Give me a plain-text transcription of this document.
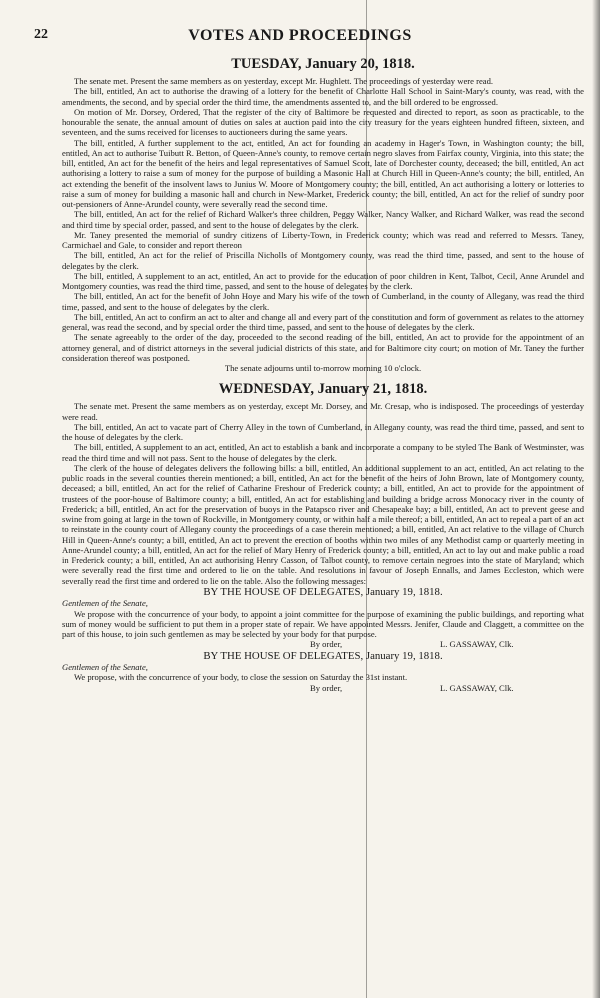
22	VOTES AND PROCEEDINGS
TUESDAY, January 20, 1818.

The senate met. Present the same members as on yesterday, except Mr. Hughlett. The proceedings of yesterday were read.

The bill, entitled, An act to authorise the drawing of a lottery for the benefit of Charlotte Hall School in Saint-Mary's county, was read, with the amendments, the second, and by special order the third time, the amendments assented to, and the bill ordered to be engrossed.

On motion of Mr. Dorsey, Ordered, That the register of the city of Baltimore be requested and directed to report, as soon as practicable, to the honourable the senate, the annual amount of duties on sales at auction paid into the city treasury for the years eighteen hundred fifteen, sixteen, and seventeen, and the sums received for licenses to auctioneers during the same years.

The bill, entitled, A further supplement to the act, entitled, An act for founding an academy in Hager's Town, in Washington county; the bill, entitled, An act to authorise Tuibutt R. Betton, of Queen-Anne's county, to remove certain negro slaves from Fairfax county, Virginia, into this state; the bill, entitled, An act for the benefit of the heirs and legal representatives of Samuel Scott, late of Dorchester county, deceased; the bill, entitled, An act authorising a lottery to raise a sum of money for the purpose of building a Masonic Hall at Church Hill in Queen-Anne's county; the bill, entitled, An act extending the benefit of the insolvent laws to Junius W. Moore of Montgomery county; the bill, entitled, An act authorising a lottery or lotteries to raise a sum of money for building a masonic hall and church in New-Market, Frederick county; the bill, entitled, An act for the relief of sundry poor out-pensioners of Anne-Arundel county, were severally read the second time.

The bill, entitled, An act for the relief of Richard Walker's three children, Peggy Walker, Nancy Walker, and Richard Walker, was read the second and third time by special order, passed, and sent to the house of delegates by the clerk.

Mr. Taney presented the memorial of sundry citizens of Liberty-Town, in Frederick county; which was read and referred to Messrs. Taney, Carmichael and Gale, to consider and report thereon

The bill, entitled, An act for the relief of Priscilla Nicholls of Montgomery county, was read the third time, passed, and sent to the house of delegates by the clerk.

The bill, entitled, A supplement to an act, entitled, An act to provide for the education of poor children in Kent, Talbot, Cecil, Anne Arundel and Montgomery counties, was read the third time, passed, and sent to the house of delegates by the clerk.

The bill, entitled, An act for the benefit of John Hoye and Mary his wife of the town of Cumberland, in the county of Allegany, was read the third time, passed, and sent to the house of delegates by the clerk.

The bill, entitled, An act to confirm an act to alter and change all and every part of the constitution and form of government as relates to the attorney general, was read the second, and by special order the third time, passed, and sent to the house of delegates by the clerk.

The senate agreeably to the order of the day, proceeded to the second reading of the bill, entitled, An act to provide for the appointment of an attorney general, and of district attorneys in the several judicial districts of this state, and for Baltimore city court; on motion of Mr. Taney the further consideration thereof was postponed.

The senate adjourns until to-morrow morning 10 o'clock.

WEDNESDAY, January 21, 1818.

The senate met. Present the same members as on yesterday, except Mr. Dorsey, and Mr. Cresap, who is indisposed. The proceedings of yesterday were read.

The bill, entitled, An act to vacate part of Cherry Alley in the town of Cumberland, in Allegany county, was read the third time, passed, and sent to the house of delegates by the clerk.

The bill, entitled, A supplement to an act, entitled, An act to establish a bank and incorporate a company to be styled The Bank of Westminster, was read the third time and will not pass. Sent to the house of delegates by the clerk.

The clerk of the house of delegates delivers the following bills: a bill, entitled, An additional supplement to an act, entitled, An act relating to the public roads in the several counties therein mentioned; a bill, entitled, An act for the benefit of the heirs of John Brown, late of Montgomery county, deceased; a bill, entitled, An act for the relief of Catharine Freshour of Frederick county; a bill, entitled, An act to provide for the appointment of trustees of the poor-house of Baltimore county; a bill, entitled, An act for establishing and building a bridge across Monocacy river in the county of Frederick; a bill, entitled, An act for the preservation of buoys in the Patapsco river and Chesapeake bay; a bill, entitled, An act to prevent geese and swine from going at large in the town of Rockville, in Montgomery county, or within half a mile thereof; a bill, entitled, An act to repeal a part of an act to reinstate in the county court of Allegany county the proceedings of a case therein mentioned; a bill, entitled, An act relative to the village of Church Hill in Queen-Anne's county; a bill, entitled, An act to prevent the erection of booths within two miles of any Methodist camp or quarterly meeting in Anne-Arundel county; a bill, entitled, An act for the relief of Mary Henry of Frederick county; a bill, entitled, An act to lay out and make public a road in Frederick county; a bill, entitled, An act authorising Henry Casson, of Talbot county, to remove certain negroes into the state of Maryland; which were severally read the first time and ordered to lie on the table. And resolutions in favour of Joseph Ennalls, and James Eccleston, which were severally read the first time and ordered to lie on the table. Also the following messages:

BY THE HOUSE OF DELEGATES, January 19, 1818.

Gentlemen of the Senate,

We propose with the concurrence of your body, to appoint a joint committee for the purpose of examining the public buildings, and reporting what sum of money would be sufficient to put them in a proper state of repair. We have appointed Messrs. Jenifer, Claude and Claggett, a committee on the part of this house, to join such gentlemen as may be selected by your body for that purpose.

By order,	L. GASSAWAY, Clk.

BY THE HOUSE OF DELEGATES, January 19, 1818.

Gentlemen of the Senate,

We propose, with the concurrence of your body, to close the session on Saturday the 31st instant.

By order,	L. GASSAWAY, Clk.
